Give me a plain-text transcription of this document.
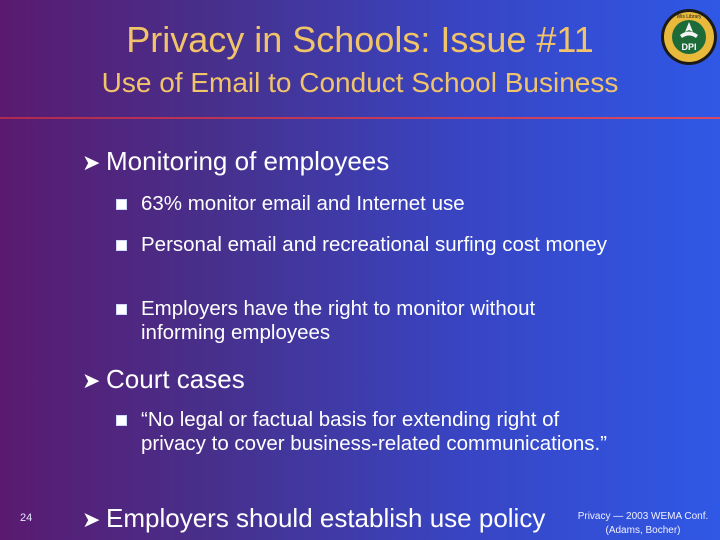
Privacy in Schools: Issue #11
Use of Email to Conduct School Business
DPI
Wis Library
➤ Monitoring of employees
63% monitor email and Internet use
Personal email and recreational surfing cost money
Employers have the right to monitor without informing employees
➤ Court cases
“No legal or factual basis for extending right of privacy to cover business-related communications.”
➤ Employers should establish use policy
24	Privacy — 2003 WEMA Conf.
(Adams, Bocher)
